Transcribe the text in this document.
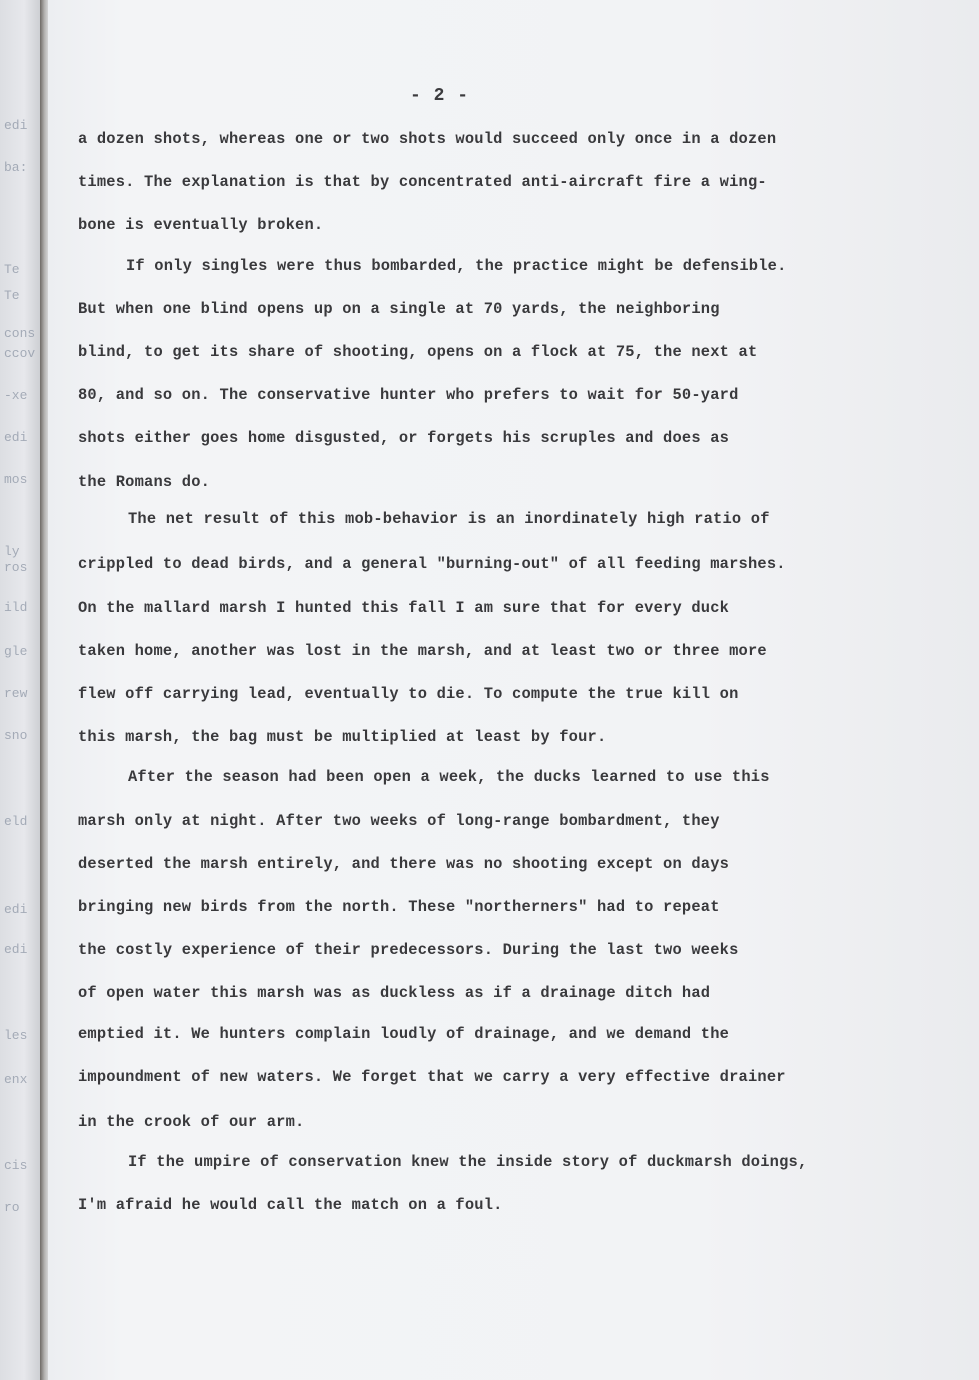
edi
ba:
Te
Te
cons
ccov
-xe
edi
mos
ly
ros
ild
gle
rew
sno
eld
edi
edi
les
enx
cis
ro
- 2 -
a dozen shots, whereas one or two shots would succeed only once in a dozen
times. The explanation is that by concentrated anti-aircraft fire a wing-
bone is eventually broken.
If only singles were thus bombarded, the practice might be defensible.
But when one blind opens up on a single at 70 yards, the neighboring
blind, to get its share of shooting, opens on a flock at 75, the next at
80, and so on. The conservative hunter who prefers to wait for 50-yard
shots either goes home disgusted, or forgets his scruples and does as
the Romans do.
The net result of this mob-behavior is an inordinately high ratio of
crippled to dead birds, and a general "burning-out" of all feeding marshes.
On the mallard marsh I hunted this fall I am sure that for every duck
taken home, another was lost in the marsh, and at least two or three more
flew off carrying lead, eventually to die. To compute the true kill on
this marsh, the bag must be multiplied at least by four.
After the season had been open a week, the ducks learned to use this
marsh only at night. After two weeks of long-range bombardment, they
deserted the marsh entirely, and there was no shooting except on days
bringing new birds from the north. These "northerners" had to repeat
the costly experience of their predecessors. During the last two weeks
of open water this marsh was as duckless as if a drainage ditch had
emptied it. We hunters complain loudly of drainage, and we demand the
impoundment of new waters. We forget that we carry a very effective drainer
in the crook of our arm.
If the umpire of conservation knew the inside story of duckmarsh doings,
I'm afraid he would call the match on a foul.
